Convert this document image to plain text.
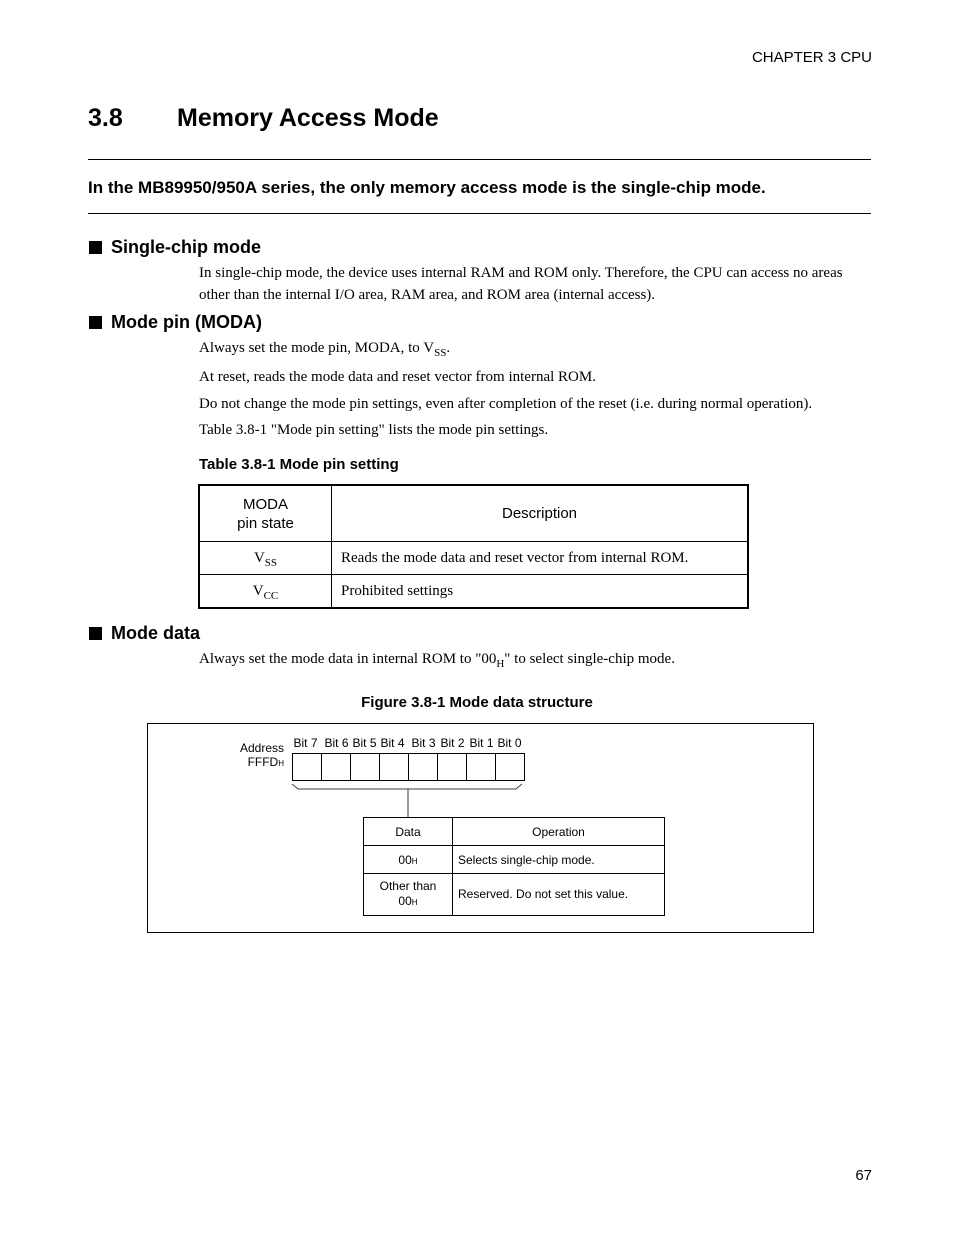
CHAPTER 3 CPU
3.8 Memory Access Mode
In the MB89950/950A series, the only memory access mode is the single-chip mode.
Single-chip mode
In single-chip mode, the device uses internal RAM and ROM only. Therefore, the CPU can access no areas other than the internal I/O area, RAM area, and ROM area (internal access).
Mode pin (MODA)
Always set the mode pin, MODA, to $V_{SS}$.
At reset, reads the mode data and reset vector from internal ROM.
Do not change the mode pin settings, even after completion of the reset (i.e. during normal operation).
Table 3.8-1 "Mode pin setting" lists the mode pin settings.
Table 3.8-1 Mode pin setting
MODA
pin state	Description
$V_{SS}$	Reads the mode data and reset vector from internal ROM.
$V_{CC}$	Prohibited settings
Mode data
Always set the mode data in internal ROM to "$00_H$" to select single-chip mode.
Figure 3.8-1 Mode data structure
Address
FFFDH
Bit 7 Bit 6 Bit 5 Bit 4 Bit 3 Bit 2 Bit 1 Bit 0
Data	Operation
00H	Selects single-chip mode.
Other than
00H	Reserved. Do not set this value.
67
